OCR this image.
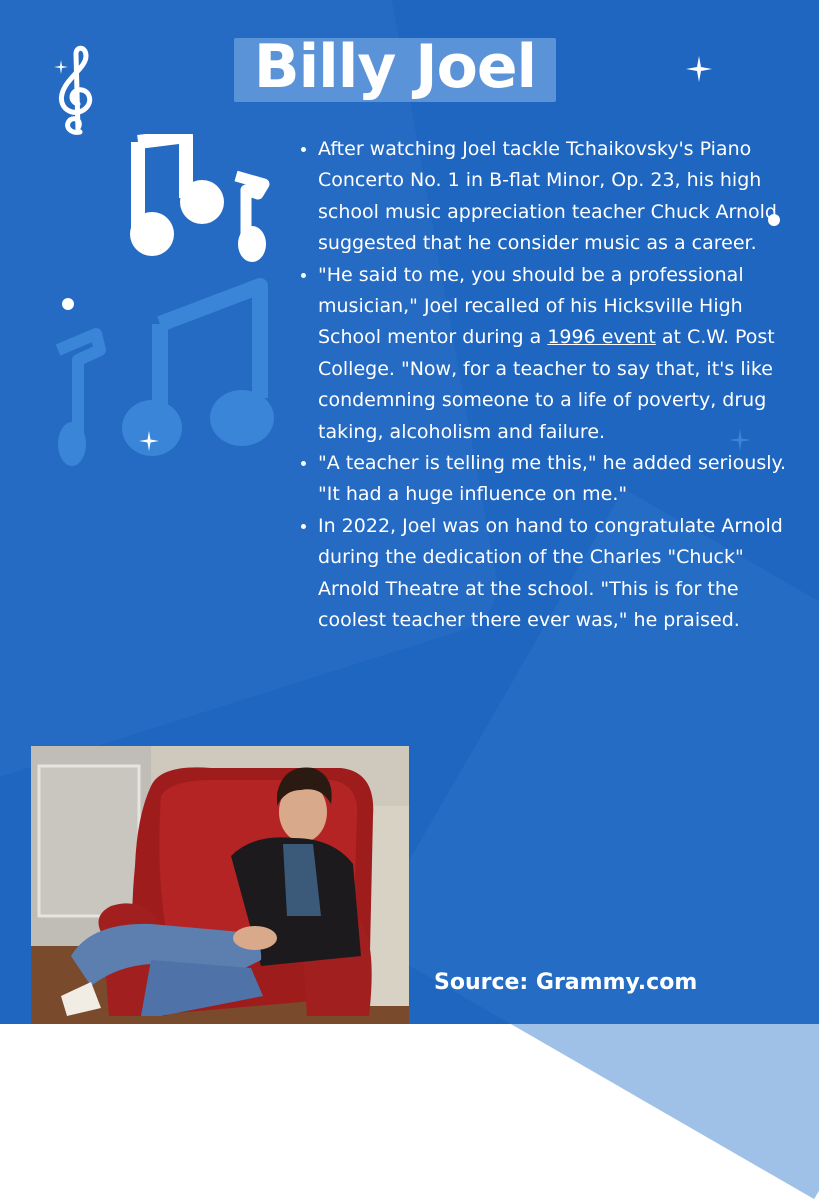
Billy Joel
• After watching Joel tackle Tchaikovsky's Piano Concerto No. 1 in B-flat Minor, Op. 23, his high school music appreciation teacher Chuck Arnold suggested that he consider music as a career.
• "He said to me, you should be a professional musician," Joel recalled of his Hicksville High School mentor during a 1996 event at C.W. Post College. "Now, for a teacher to say that, it's like condemning someone to a life of poverty, drug taking, alcoholism and failure.
• "A teacher is telling me this," he added seriously. "It had a huge influence on me."
• In 2022, Joel was on hand to congratulate Arnold during the dedication of the Charles "Chuck" Arnold Theatre at the school. "This is for the coolest teacher there ever was," he praised.
Source: Grammy.com
